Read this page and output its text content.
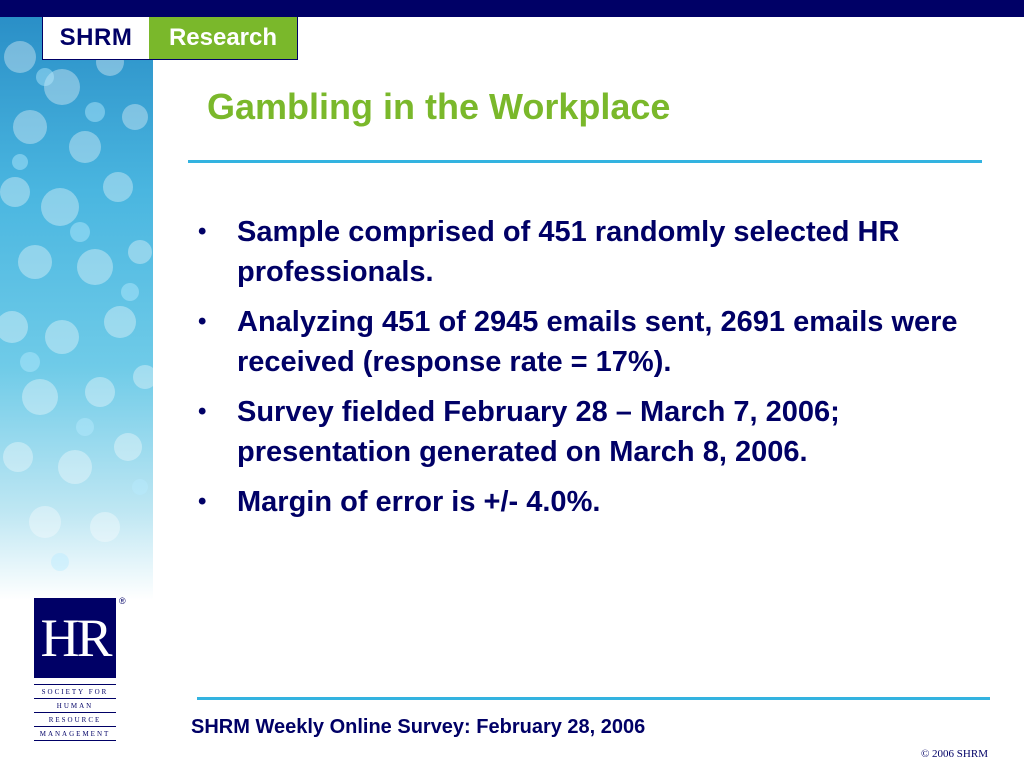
SHRM	Research
Gambling in the Workplace
• Sample comprised of 451 randomly selected HR professionals.
• Analyzing 451 of 2945 emails sent, 2691 emails were received (response rate = 17%).
• Survey fielded February 28 – March 7, 2006; presentation generated on March 8, 2006.
• Margin of error is +/- 4.0%.
HR
®
SOCIETY FOR
HUMAN
RESOURCE
MANAGEMENT	SHRM Weekly Online Survey: February 28, 2006
© 2006 SHRM
